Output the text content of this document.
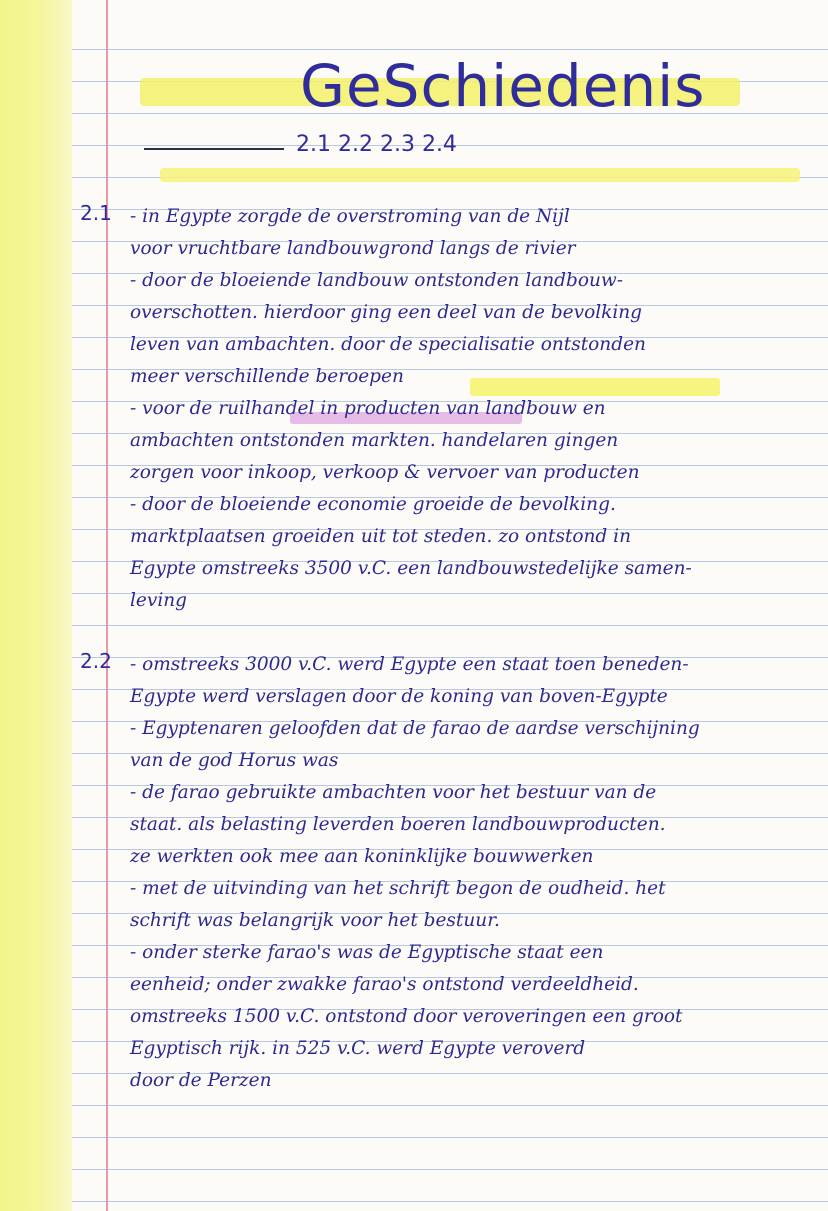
GeSchiedenis
2.1 2.2 2.3 2.4
2.1 - in Egypte zorgde de overstroming van de Nijl
voor vruchtbare landbouwgrond langs de rivier
- door de bloeiende landbouw ontstonden landbouw-
overschotten. hierdoor ging een deel van de bevolking
leven van ambachten. door de specialisatie ontstonden
meer verschillende beroepen
- voor de ruilhandel in producten van landbouw en
ambachten ontstonden markten. handelaren gingen
zorgen voor inkoop, verkoop & vervoer van producten
- door de bloeiende economie groeide de bevolking.
marktplaatsen groeiden uit tot steden. zo ontstond in
Egypte omstreeks 3500 v.C. een landbouwstedelijke samen-
leving
2.2 - omstreeks 3000 v.C. werd Egypte een staat toen beneden-
Egypte werd verslagen door de koning van boven-Egypte
- Egyptenaren geloofden dat de farao de aardse verschijning
van de god Horus was
- de farao gebruikte ambachten voor het bestuur van de
staat. als belasting leverden boeren landbouwproducten.
ze werkten ook mee aan koninklijke bouwwerken
- met de uitvinding van het schrift begon de oudheid. het
schrift was belangrijk voor het bestuur.
- onder sterke farao's was de Egyptische staat een
eenheid; onder zwakke farao's ontstond verdeeldheid.
omstreeks 1500 v.C. ontstond door veroveringen een groot
Egyptisch rijk. in 525 v.C. werd Egypte veroverd
door de Perzen
